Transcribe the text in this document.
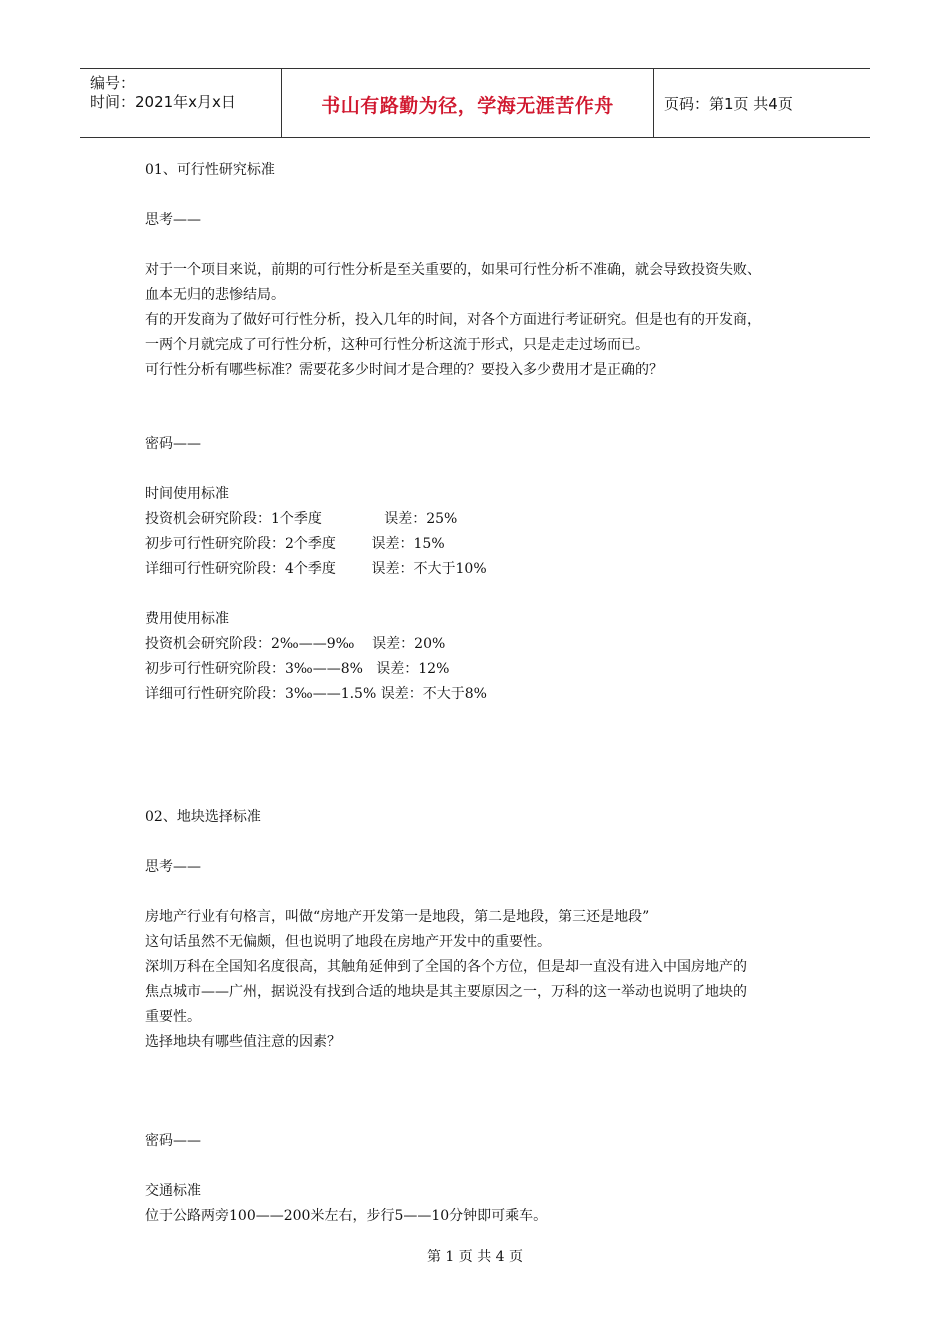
编号：
时间：2021年x月x日	书山有路勤为径，学海无涯苦作舟	页码：第1页 共4页
01、可行性研究标准
思考——
对于一个项目来说，前期的可行性分析是至关重要的，如果可行性分析不准确，就会导致投资失败、
血本无归的悲惨结局。
有的开发商为了做好可行性分析，投入几年的时间，对各个方面进行考证研究。但是也有的开发商，
一两个月就完成了可行性分析，这种可行性分析这流于形式，只是走走过场而已。
可行性分析有哪些标准？需要花多少时间才是合理的？要投入多少费用才是正确的？
密码——
时间使用标准
投资机会研究阶段：1个季度              误差：25%
初步可行性研究阶段：2个季度        误差：15%
详细可行性研究阶段：4个季度        误差：不大于10%
费用使用标准
投资机会研究阶段：2‰——9‰    误差：20%
初步可行性研究阶段：3‰——8%   误差：12%
详细可行性研究阶段：3‰——1.5% 误差：不大于8%
02、地块选择标准
思考——
房地产行业有句格言，叫做“房地产开发第一是地段，第二是地段，第三还是地段”
这句话虽然不无偏颇，但也说明了地段在房地产开发中的重要性。
深圳万科在全国知名度很高，其触角延伸到了全国的各个方位，但是却一直没有进入中国房地产的
焦点城市——广州，据说没有找到合适的地块是其主要原因之一，万科的这一举动也说明了地块的
重要性。
选择地块有哪些值注意的因素？
密码——
交通标准
位于公路两旁100——200米左右，步行5——10分钟即可乘车。
第 1 页 共 4 页
